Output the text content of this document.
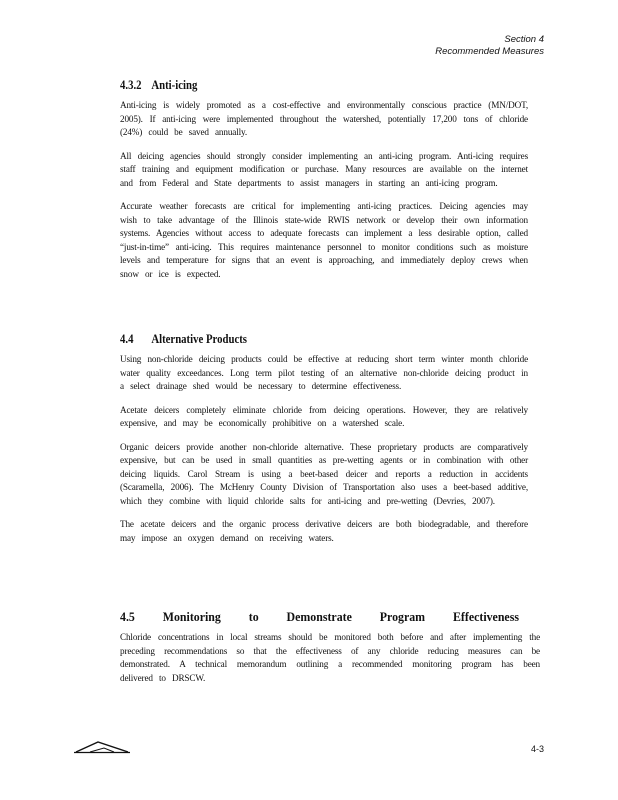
Section 4
Recommended Measures
4.3.2 Anti-icing

Anti-icing is widely promoted as a cost-effective and environmentally conscious practice (MN/DOT, 2005). If anti-icing were implemented throughout the watershed, potentially 17,200 tons of chloride (24%) could be saved annually.

All deicing agencies should strongly consider implementing an anti-icing program. Anti-icing requires staff training and equipment modification or purchase. Many resources are available on the internet and from Federal and State departments to assist managers in starting an anti-icing program.

Accurate weather forecasts are critical for implementing anti-icing practices. Deicing agencies may wish to take advantage of the Illinois state-wide RWIS network or develop their own information systems. Agencies without access to adequate forecasts can implement a less desirable option, called “just-in-time” anti-icing. This requires maintenance personnel to monitor conditions such as moisture levels and temperature for signs that an event is approaching, and immediately deploy crews when snow or ice is expected.

4.4 Alternative Products

Using non-chloride deicing products could be effective at reducing short term winter month chloride water quality exceedances. Long term pilot testing of an alternative non-chloride deicing product in a select drainage shed would be necessary to determine effectiveness.

Acetate deicers completely eliminate chloride from deicing operations. However, they are relatively expensive, and may be economically prohibitive on a watershed scale.

Organic deicers provide another non-chloride alternative. These proprietary products are comparatively expensive, but can be used in small quantities as pre-wetting agents or in combination with other deicing liquids. Carol Stream is using a beet-based deicer and reports a reduction in accidents (Scaramella, 2006). The McHenry County Division of Transportation also uses a beet-based additive, which they combine with liquid chloride salts for anti-icing and pre-wetting (Devries, 2007).

The acetate deicers and the organic process derivative deicers are both biodegradable, and therefore may impose an oxygen demand on receiving waters.

4.5 Monitoring to Demonstrate Program Effectiveness

Chloride concentrations in local streams should be monitored both before and after implementing the preceding recommendations so that the effectiveness of any chloride reducing measures can be demonstrated. A technical memorandum outlining a recommended monitoring program has been delivered to DRSCW.

4-3
